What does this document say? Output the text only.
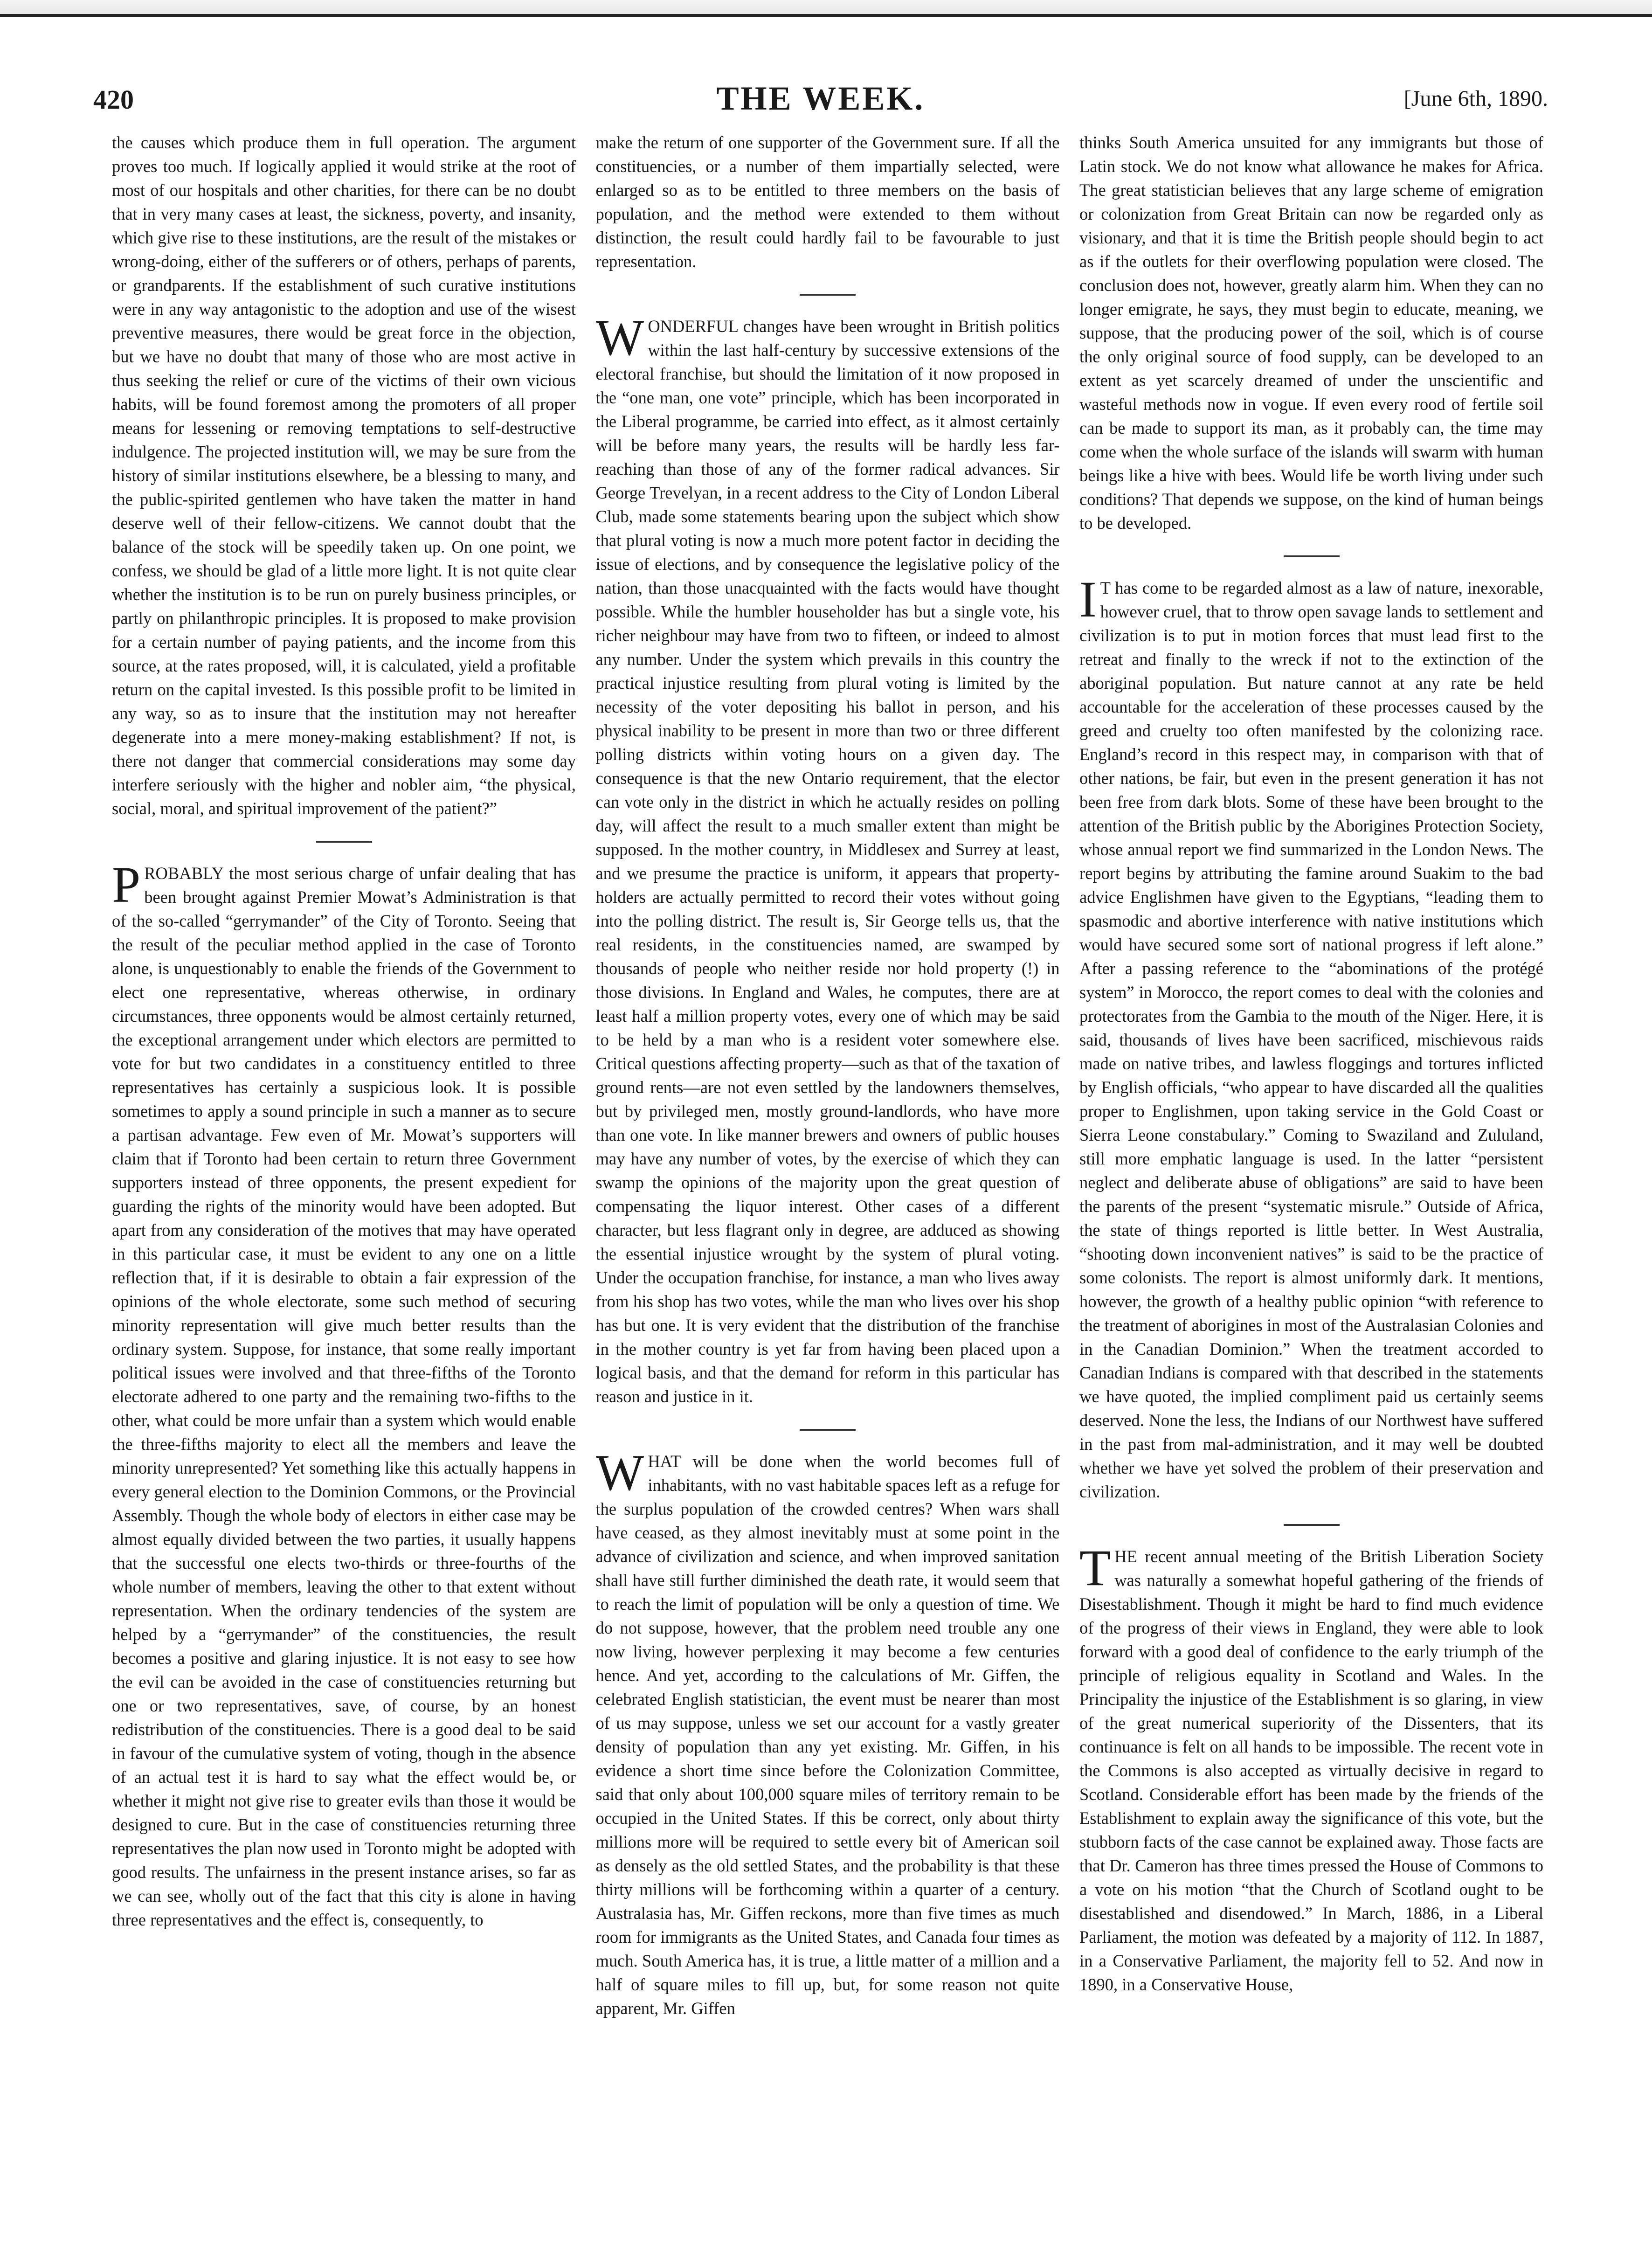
420	THE WEEK.	[June 6th, 1890.

the causes which produce them in full operation. The argument proves too much. If logically applied it would strike at the root of most of our hospitals and other charities, for there can be no doubt that in very many cases at least, the sickness, poverty, and insanity, which give rise to these institutions, are the result of the mistakes or wrong-doing, either of the sufferers or of others, perhaps of parents, or grandparents. If the establishment of such curative institutions were in any way antagonistic to the adoption and use of the wisest preventive measures, there would be great force in the objection, but we have no doubt that many of those who are most active in thus seeking the relief or cure of the victims of their own vicious habits, will be found foremost among the promoters of all proper means for lessening or removing temptations to self-destructive indulgence. The projected institution will, we may be sure from the history of similar institutions elsewhere, be a blessing to many, and the public-spirited gentlemen who have taken the matter in hand deserve well of their fellow-citizens. We cannot doubt that the balance of the stock will be speedily taken up. On one point, we confess, we should be glad of a little more light. It is not quite clear whether the institution is to be run on purely business principles, or partly on philanthropic principles. It is proposed to make provision for a certain number of paying patients, and the income from this source, at the rates proposed, will, it is calculated, yield a profitable return on the capital invested. Is this possible profit to be limited in any way, so as to insure that the institution may not hereafter degenerate into a mere money-making establishment? If not, is there not danger that commercial considerations may some day interfere seriously with the higher and nobler aim, “the physical, social, moral, and spiritual improvement of the patient?”

PROBABLY the most serious charge of unfair dealing that has been brought against Premier Mowat’s Administration is that of the so-called “gerrymander” of the City of Toronto. Seeing that the result of the peculiar method applied in the case of Toronto alone, is unquestionably to enable the friends of the Government to elect one representative, whereas otherwise, in ordinary circumstances, three opponents would be almost certainly returned, the exceptional arrangement under which electors are permitted to vote for but two candidates in a constituency entitled to three representatives has certainly a suspicious look. It is possible sometimes to apply a sound principle in such a manner as to secure a partisan advantage. Few even of Mr. Mowat’s supporters will claim that if Toronto had been certain to return three Government supporters instead of three opponents, the present expedient for guarding the rights of the minority would have been adopted. But apart from any consideration of the motives that may have operated in this particular case, it must be evident to any one on a little reflection that, if it is desirable to obtain a fair expression of the opinions of the whole electorate, some such method of securing minority representation will give much better results than the ordinary system. Suppose, for instance, that some really important political issues were involved and that three-fifths of the Toronto electorate adhered to one party and the remaining two-fifths to the other, what could be more unfair than a system which would enable the three-fifths majority to elect all the members and leave the minority unrepresented? Yet something like this actually happens in every general election to the Dominion Commons, or the Provincial Assembly. Though the whole body of electors in either case may be almost equally divided between the two parties, it usually happens that the successful one elects two-thirds or three-fourths of the whole number of members, leaving the other to that extent without representation. When the ordinary tendencies of the system are helped by a “gerrymander” of the constituencies, the result becomes a positive and glaring injustice. It is not easy to see how the evil can be avoided in the case of constituencies returning but one or two representatives, save, of course, by an honest redistribution of the constituencies. There is a good deal to be said in favour of the cumulative system of voting, though in the absence of an actual test it is hard to say what the effect would be, or whether it might not give rise to greater evils than those it would be designed to cure. But in the case of constituencies returning three representatives the plan now used in Toronto might be adopted with good results. The unfairness in the present instance arises, so far as we can see, wholly out of the fact that this city is alone in having three representatives and the effect is, consequently, to

make the return of one supporter of the Government sure. If all the constituencies, or a number of them impartially selected, were enlarged so as to be entitled to three members on the basis of population, and the method were extended to them without distinction, the result could hardly fail to be favourable to just representation.

WONDERFUL changes have been wrought in British politics within the last half-century by successive extensions of the electoral franchise, but should the limitation of it now proposed in the “one man, one vote” principle, which has been incorporated in the Liberal programme, be carried into effect, as it almost certainly will be before many years, the results will be hardly less far-reaching than those of any of the former radical advances. Sir George Trevelyan, in a recent address to the City of London Liberal Club, made some statements bearing upon the subject which show that plural voting is now a much more potent factor in deciding the issue of elections, and by consequence the legislative policy of the nation, than those unacquainted with the facts would have thought possible. While the humbler householder has but a single vote, his richer neighbour may have from two to fifteen, or indeed to almost any number. Under the system which prevails in this country the practical injustice resulting from plural voting is limited by the necessity of the voter depositing his ballot in person, and his physical inability to be present in more than two or three different polling districts within voting hours on a given day. The consequence is that the new Ontario requirement, that the elector can vote only in the district in which he actually resides on polling day, will affect the result to a much smaller extent than might be supposed. In the mother country, in Middlesex and Surrey at least, and we presume the practice is uniform, it appears that property-holders are actually permitted to record their votes without going into the polling district. The result is, Sir George tells us, that the real residents, in the constituencies named, are swamped by thousands of people who neither reside nor hold property (!) in those divisions. In England and Wales, he computes, there are at least half a million property votes, every one of which may be said to be held by a man who is a resident voter somewhere else. Critical questions affecting property—such as that of the taxation of ground rents—are not even settled by the landowners themselves, but by privileged men, mostly ground-landlords, who have more than one vote. In like manner brewers and owners of public houses may have any number of votes, by the exercise of which they can swamp the opinions of the majority upon the great question of compensating the liquor interest. Other cases of a different character, but less flagrant only in degree, are adduced as showing the essential injustice wrought by the system of plural voting. Under the occupation franchise, for instance, a man who lives away from his shop has two votes, while the man who lives over his shop has but one. It is very evident that the distribution of the franchise in the mother country is yet far from having been placed upon a logical basis, and that the demand for reform in this particular has reason and justice in it.

WHAT will be done when the world becomes full of inhabitants, with no vast habitable spaces left as a refuge for the surplus population of the crowded centres? When wars shall have ceased, as they almost inevitably must at some point in the advance of civilization and science, and when improved sanitation shall have still further diminished the death rate, it would seem that to reach the limit of population will be only a question of time. We do not suppose, however, that the problem need trouble any one now living, however perplexing it may become a few centuries hence. And yet, according to the calculations of Mr. Giffen, the celebrated English statistician, the event must be nearer than most of us may suppose, unless we set our account for a vastly greater density of population than any yet existing. Mr. Giffen, in his evidence a short time since before the Colonization Committee, said that only about 100,000 square miles of territory remain to be occupied in the United States. If this be correct, only about thirty millions more will be required to settle every bit of American soil as densely as the old settled States, and the probability is that these thirty millions will be forthcoming within a quarter of a century. Australasia has, Mr. Giffen reckons, more than five times as much room for immigrants as the United States, and Canada four times as much. South America has, it is true, a little matter of a million and a half of square miles to fill up, but, for some reason not quite apparent, Mr. Giffen

thinks South America unsuited for any immigrants but those of Latin stock. We do not know what allowance he makes for Africa. The great statistician believes that any large scheme of emigration or colonization from Great Britain can now be regarded only as visionary, and that it is time the British people should begin to act as if the outlets for their overflowing population were closed. The conclusion does not, however, greatly alarm him. When they can no longer emigrate, he says, they must begin to educate, meaning, we suppose, that the producing power of the soil, which is of course the only original source of food supply, can be developed to an extent as yet scarcely dreamed of under the unscientific and wasteful methods now in vogue. If even every rood of fertile soil can be made to support its man, as it probably can, the time may come when the whole surface of the islands will swarm with human beings like a hive with bees. Would life be worth living under such conditions? That depends we suppose, on the kind of human beings to be developed.

I T has come to be regarded almost as a law of nature, inexorable, however cruel, that to throw open savage lands to settlement and civilization is to put in motion forces that must lead first to the retreat and finally to the wreck if not to the extinction of the aboriginal population. But nature cannot at any rate be held accountable for the acceleration of these processes caused by the greed and cruelty too often manifested by the colonizing race. England’s record in this respect may, in comparison with that of other nations, be fair, but even in the present generation it has not been free from dark blots. Some of these have been brought to the attention of the British public by the Aborigines Protection Society, whose annual report we find summarized in the London News. The report begins by attributing the famine around Suakim to the bad advice Englishmen have given to the Egyptians, “leading them to spasmodic and abortive interference with native institutions which would have secured some sort of national progress if left alone.” After a passing reference to the “abominations of the protégé system” in Morocco, the report comes to deal with the colonies and protectorates from the Gambia to the mouth of the Niger. Here, it is said, thousands of lives have been sacrificed, mischievous raids made on native tribes, and lawless floggings and tortures inflicted by English officials, “who appear to have discarded all the qualities proper to Englishmen, upon taking service in the Gold Coast or Sierra Leone constabulary.” Coming to Swaziland and Zululand, still more emphatic language is used. In the latter “persistent neglect and deliberate abuse of obligations” are said to have been the parents of the present “systematic misrule.” Outside of Africa, the state of things reported is little better. In West Australia, “shooting down inconvenient natives” is said to be the practice of some colonists. The report is almost uniformly dark. It mentions, however, the growth of a healthy public opinion “with reference to the treatment of aborigines in most of the Australasian Colonies and in the Canadian Dominion.” When the treatment accorded to Canadian Indians is compared with that described in the statements we have quoted, the implied compliment paid us certainly seems deserved. None the less, the Indians of our Northwest have suffered in the past from mal-administration, and it may well be doubted whether we have yet solved the problem of their preservation and civilization.

THE recent annual meeting of the British Liberation Society was naturally a somewhat hopeful gathering of the friends of Disestablishment. Though it might be hard to find much evidence of the progress of their views in England, they were able to look forward with a good deal of confidence to the early triumph of the principle of religious equality in Scotland and Wales. In the Principality the injustice of the Establishment is so glaring, in view of the great numerical superiority of the Dissenters, that its continuance is felt on all hands to be impossible. The recent vote in the Commons is also accepted as virtually decisive in regard to Scotland. Considerable effort has been made by the friends of the Establishment to explain away the significance of this vote, but the stubborn facts of the case cannot be explained away. Those facts are that Dr. Cameron has three times pressed the House of Commons to a vote on his motion “that the Church of Scotland ought to be disestablished and disendowed.” In March, 1886, in a Liberal Parliament, the motion was defeated by a majority of 112. In 1887, in a Conservative Parliament, the majority fell to 52. And now in 1890, in a Conservative House,
